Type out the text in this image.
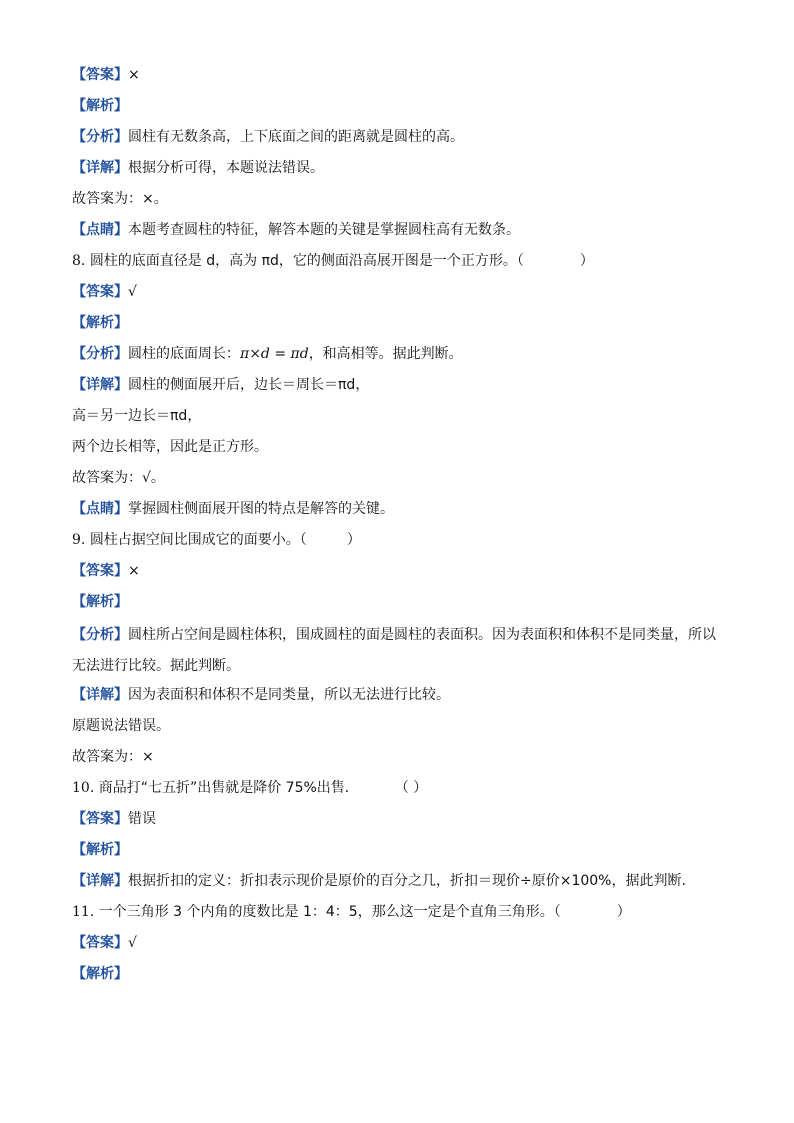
【答案】×
【解析】
【分析】圆柱有无数条高，上下底面之间的距离就是圆柱的高。
【详解】根据分析可得，本题说法错误。
故答案为：×。
【点睛】本题考查圆柱的特征，解答本题的关键是掌握圆柱高有无数条。
8. 圆柱的底面直径是 d，高为 πd，它的侧面沿高展开图是一个正方形。（	）
【答案】√
【解析】
【分析】圆柱的底面周长：π×d = πd，和高相等。据此判断。
【详解】圆柱的侧面展开后，边长＝周长＝πd，
高＝另一边长＝πd，
两个边长相等，因此是正方形。
故答案为：√。
【点睛】掌握圆柱侧面展开图的特点是解答的关键。
9. 圆柱占据空间比围成它的面要小。（	）
【答案】×
【解析】
【分析】圆柱所占空间是圆柱体积，围成圆柱的面是圆柱的表面积。因为表面积和体积不是同类量，所以无法进行比较。据此判断。
【详解】因为表面积和体积不是同类量，所以无法进行比较。
原题说法错误。
故答案为：×
10. 商品打“七五折”出售就是降价 75%出售．	（ ）
【答案】错误
【解析】
【详解】根据折扣的定义：折扣表示现价是原价的百分之几，折扣＝现价÷原价×100%，据此判断.
11. 一个三角形 3 个内角的度数比是 1：4：5，那么这一定是个直角三角形。（	）
【答案】√
【解析】
